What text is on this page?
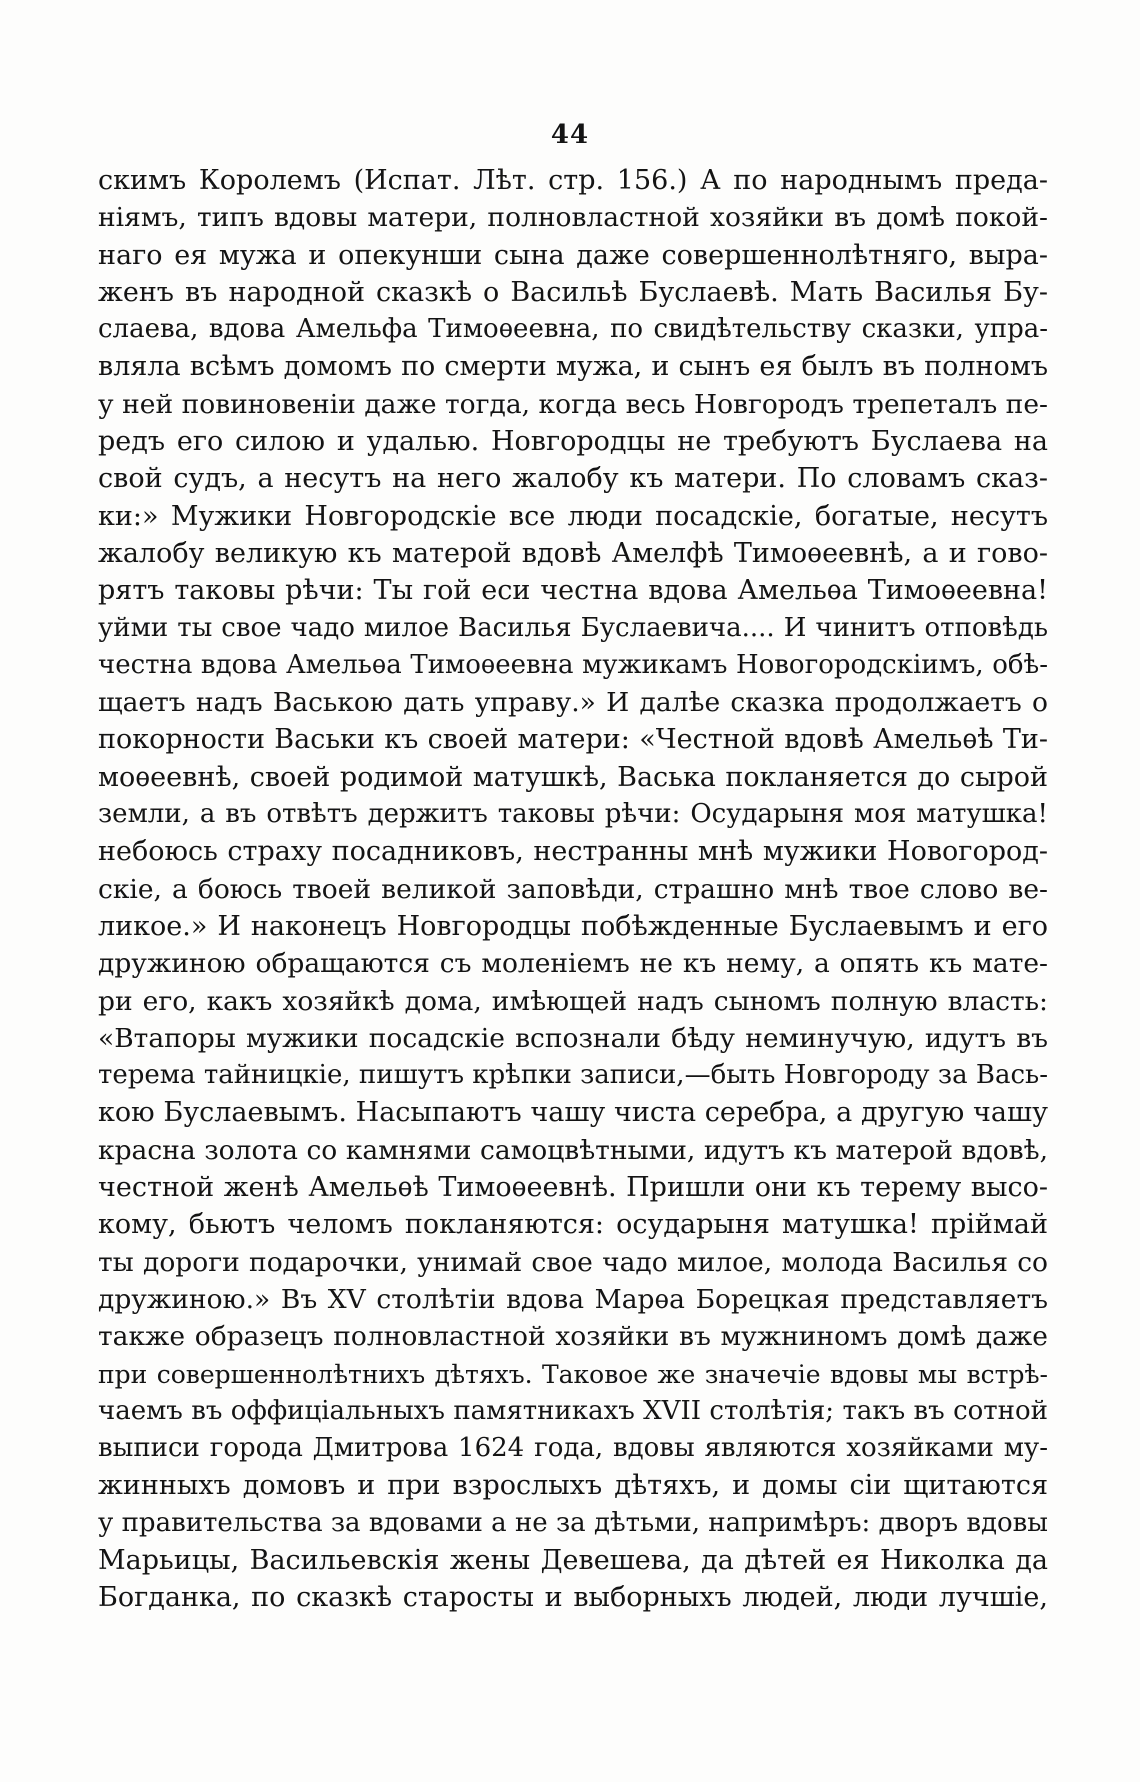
44
скимъ Королемъ (Испат. Лѣт. стр. 156.) А по народнымъ преда-
ніямъ, типъ вдовы матери, полновластной хозяйки въ домѣ покой-
наго ея мужа и опекунши сына даже совершеннолѣтняго, выра-
женъ въ народной сказкѣ о Васильѣ Буслаевѣ. Мать Василья Бу-
слаева, вдова Амельфа Тимоѳеевна, по свидѣтельству сказки, упра-
вляла всѣмъ домомъ по смерти мужа, и сынъ ея былъ въ полномъ
у ней повиновеніи даже тогда, когда весь Новгородъ трепеталъ пе-
редъ его силою и удалью. Новгородцы не требуютъ Буслаева на
свой судъ, а несутъ на него жалобу къ матери. По словамъ сказ-
ки:» Мужики Новгородскіе все люди посадскіе, богатые, несутъ
жалобу великую къ матерой вдовѣ Амелфѣ Тимоѳеевнѣ, а и гово-
рятъ таковы рѣчи: Ты гой еси честна вдова Амельѳа Тимоѳеевна!
уйми ты свое чадо милое Василья Буслаевича.... И чинитъ отповѣдь
честна вдова Амельѳа Тимоѳеевна мужикамъ Новогородскіимъ, обѣ-
щаетъ надъ Ваською дать управу.» И далѣе сказка продолжаетъ о
покорности Васьки къ своей матери: «Честной вдовѣ Амельѳѣ Ти-
моѳеевнѣ, своей родимой матушкѣ, Васька покланяется до сырой
земли, а въ отвѣтъ держитъ таковы рѣчи: Осударыня моя матушка!
небоюсь страху посадниковъ, нестранны мнѣ мужики Новогород-
скіе, а боюсь твоей великой заповѣди, страшно мнѣ твое слово ве-
ликое.» И наконецъ Новгородцы побѣжденные Буслаевымъ и его
дружиною обращаются съ моленіемъ не къ нему, а опять къ мате-
ри его, какъ хозяйкѣ дома, имѣющей надъ сыномъ полную власть:
«Втапоры мужики посадскіе вспознали бѣду неминучую, идутъ въ
терема тайницкіе, пишутъ крѣпки записи,—быть Новгороду за Вась-
кою Буслаевымъ. Насыпаютъ чашу чиста серебра, а другую чашу
красна золота со камнями самоцвѣтными, идутъ къ матерой вдовѣ,
честной женѣ Амельѳѣ Тимоѳеевнѣ. Пришли они къ терему высо-
кому, бьютъ челомъ покланяются: осударыня матушка! пріймай
ты дороги подарочки, унимай свое чадо милое, молода Василья со
дружиною.» Въ XV столѣтіи вдова Марѳа Борецкая представляетъ
также образецъ полновластной хозяйки въ мужниномъ домѣ даже
при совершеннолѣтнихъ дѣтяхъ. Таковое же значечіе вдовы мы встрѣ-
чаемъ въ оффиціальныхъ памятникахъ XVII столѣтія; такъ въ сотной
выписи города Дмитрова 1624 года, вдовы являются хозяйками му-
жинныхъ домовъ и при взрослыхъ дѣтяхъ, и домы сіи щитаются
у правительства за вдовами а не за дѣтьми, напримѣръ: дворъ вдовы
Марьицы, Васильевскія жены Девешева, да дѣтей ея Николка да
Богданка, по сказкѣ старосты и выборныхъ людей, люди лучшіе,
